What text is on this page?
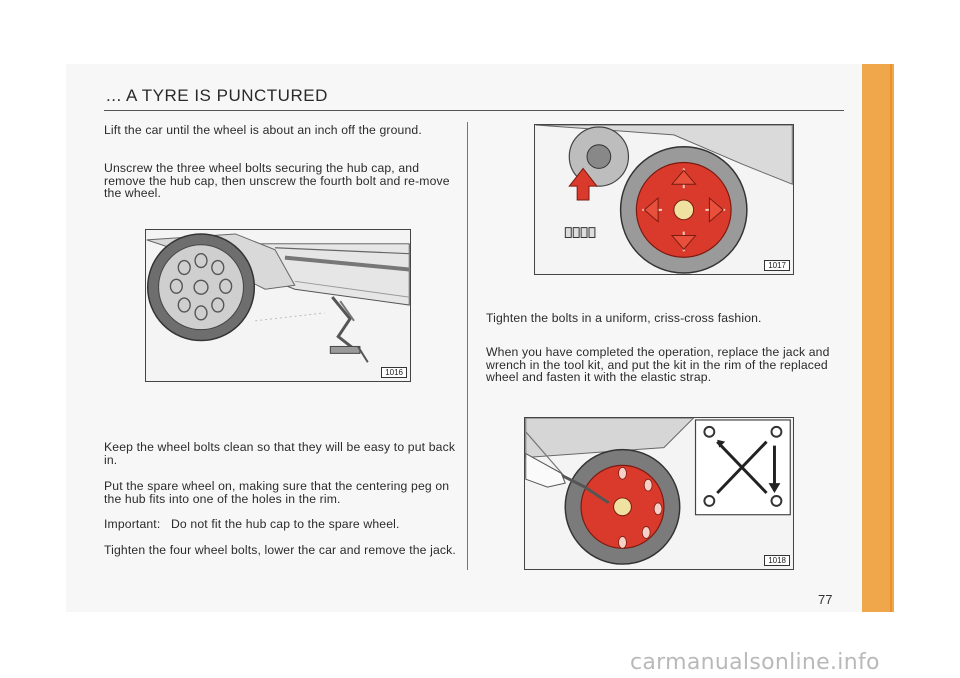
... A TYRE IS PUNCTURED
Lift the car until the wheel is about an inch off the ground.
Unscrew the three wheel bolts securing the hub cap, and remove the hub cap, then unscrew the fourth bolt and re-move the wheel.
1016
Keep the wheel bolts clean so that they will be easy to put back in.
Put the spare wheel on, making sure that the centering peg on the hub fits into one of the holes in the rim.
Important: Do not fit the hub cap to the spare wheel.
Tighten the four wheel bolts, lower the car and remove the jack.
1017
Tighten the bolts in a uniform, criss-cross fashion.
When you have completed the operation, replace the jack and wrench in the tool kit, and put the kit in the rim of the replaced wheel and fasten it with the elastic strap.
1018
77
carmanualsonline.info
